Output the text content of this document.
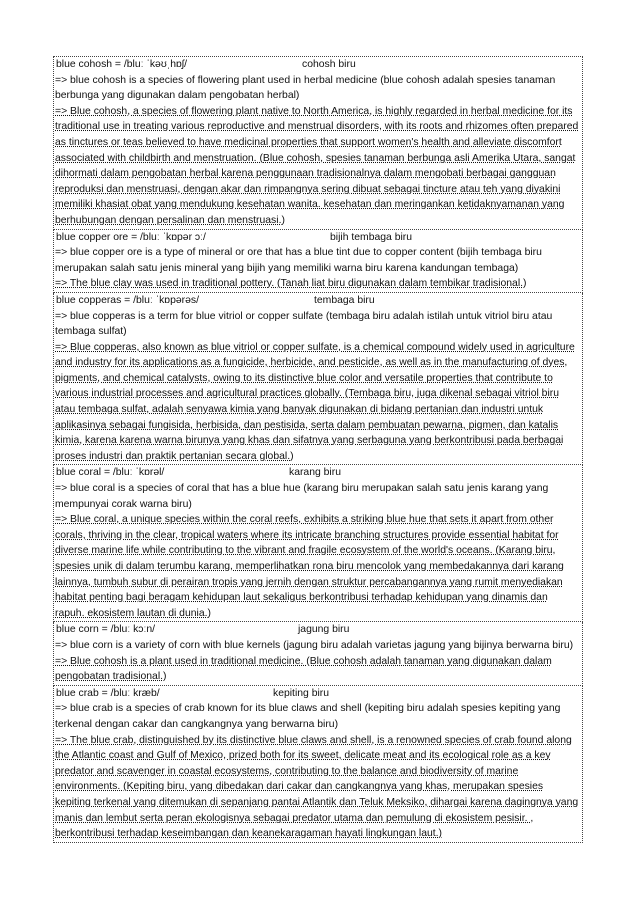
blue cohosh = /bluː ˈkəʊˌhɒʃ/	cohosh biru

=> blue cohosh is a species of flowering plant used in herbal medicine (blue cohosh adalah spesies tanaman berbunga yang digunakan dalam pengobatan herbal)

=> Blue cohosh, a species of flowering plant native to North America, is highly regarded in herbal medicine for its traditional use in treating various reproductive and menstrual disorders, with its roots and rhizomes often prepared as tinctures or teas believed to have medicinal properties that support women's health and alleviate discomfort associated with childbirth and menstruation. (Blue cohosh, spesies tanaman berbunga asli Amerika Utara, sangat dihormati dalam pengobatan herbal karena penggunaan tradisionalnya dalam mengobati berbagai gangguan reproduksi dan menstruasi, dengan akar dan rimpangnya sering dibuat sebagai tincture atau teh yang diyakini memiliki khasiat obat yang mendukung kesehatan wanita. kesehatan dan meringankan ketidaknyamanan yang berhubungan dengan persalinan dan menstruasi.)

blue copper ore = /bluː ˈkɒpər ɔː/	bijih tembaga biru

=> blue copper ore is a type of mineral or ore that has a blue tint due to copper content (bijih tembaga biru merupakan salah satu jenis mineral yang bijih yang memiliki warna biru karena kandungan tembaga)

=> The blue clay was used in traditional pottery. (Tanah liat biru digunakan dalam tembikar tradisional.)

blue copperas = /bluː ˈkɒpərəs/	tembaga biru

=> blue copperas is a term for blue vitriol or copper sulfate (tembaga biru adalah istilah untuk vitriol biru atau tembaga sulfat)

=> Blue copperas, also known as blue vitriol or copper sulfate, is a chemical compound widely used in agriculture and industry for its applications as a fungicide, herbicide, and pesticide, as well as in the manufacturing of dyes, pigments, and chemical catalysts, owing to its distinctive blue color and versatile properties that contribute to various industrial processes and agricultural practices globally. (Tembaga biru, juga dikenal sebagai vitriol biru atau tembaga sulfat, adalah senyawa kimia yang banyak digunakan di bidang pertanian dan industri untuk aplikasinya sebagai fungisida, herbisida, dan pestisida, serta dalam pembuatan pewarna, pigmen, dan katalis kimia, karena karena warna birunya yang khas dan sifatnya yang serbaguna yang berkontribusi pada berbagai proses industri dan praktik pertanian secara global.)

blue coral = /bluː ˈkɒrəl/	karang biru

=> blue coral is a species of coral that has a blue hue (karang biru merupakan salah satu jenis karang yang mempunyai corak warna biru)

=> Blue coral, a unique species within the coral reefs, exhibits a striking blue hue that sets it apart from other corals, thriving in the clear, tropical waters where its intricate branching structures provide essential habitat for diverse marine life while contributing to the vibrant and fragile ecosystem of the world's oceans. (Karang biru, spesies unik di dalam terumbu karang, memperlihatkan rona biru mencolok yang membedakannya dari karang lainnya, tumbuh subur di perairan tropis yang jernih dengan struktur percabangannya yang rumit menyediakan habitat penting bagi beragam kehidupan laut sekaligus berkontribusi terhadap kehidupan yang dinamis dan rapuh. ekosistem lautan di dunia.)

blue corn = /bluː kɔːn/	jagung biru

=> blue corn is a variety of corn with blue kernels (jagung biru adalah varietas jagung yang bijinya berwarna biru)

=> Blue cohosh is a plant used in traditional medicine. (Blue cohosh adalah tanaman yang digunakan dalam pengobatan tradisional.)

blue crab = /bluː kræb/	kepiting biru

=> blue crab is a species of crab known for its blue claws and shell (kepiting biru adalah spesies kepiting yang terkenal dengan cakar dan cangkangnya yang berwarna biru)

=> The blue crab, distinguished by its distinctive blue claws and shell, is a renowned species of crab found along the Atlantic coast and Gulf of Mexico, prized both for its sweet, delicate meat and its ecological role as a key predator and scavenger in coastal ecosystems, contributing to the balance and biodiversity of marine environments. (Kepiting biru, yang dibedakan dari cakar dan cangkangnya yang khas, merupakan spesies kepiting terkenal yang ditemukan di sepanjang pantai Atlantik dan Teluk Meksiko, dihargai karena dagingnya yang manis dan lembut serta peran ekologisnya sebagai predator utama dan pemulung di ekosistem pesisir. , berkontribusi terhadap keseimbangan dan keanekaragaman hayati lingkungan laut.)
